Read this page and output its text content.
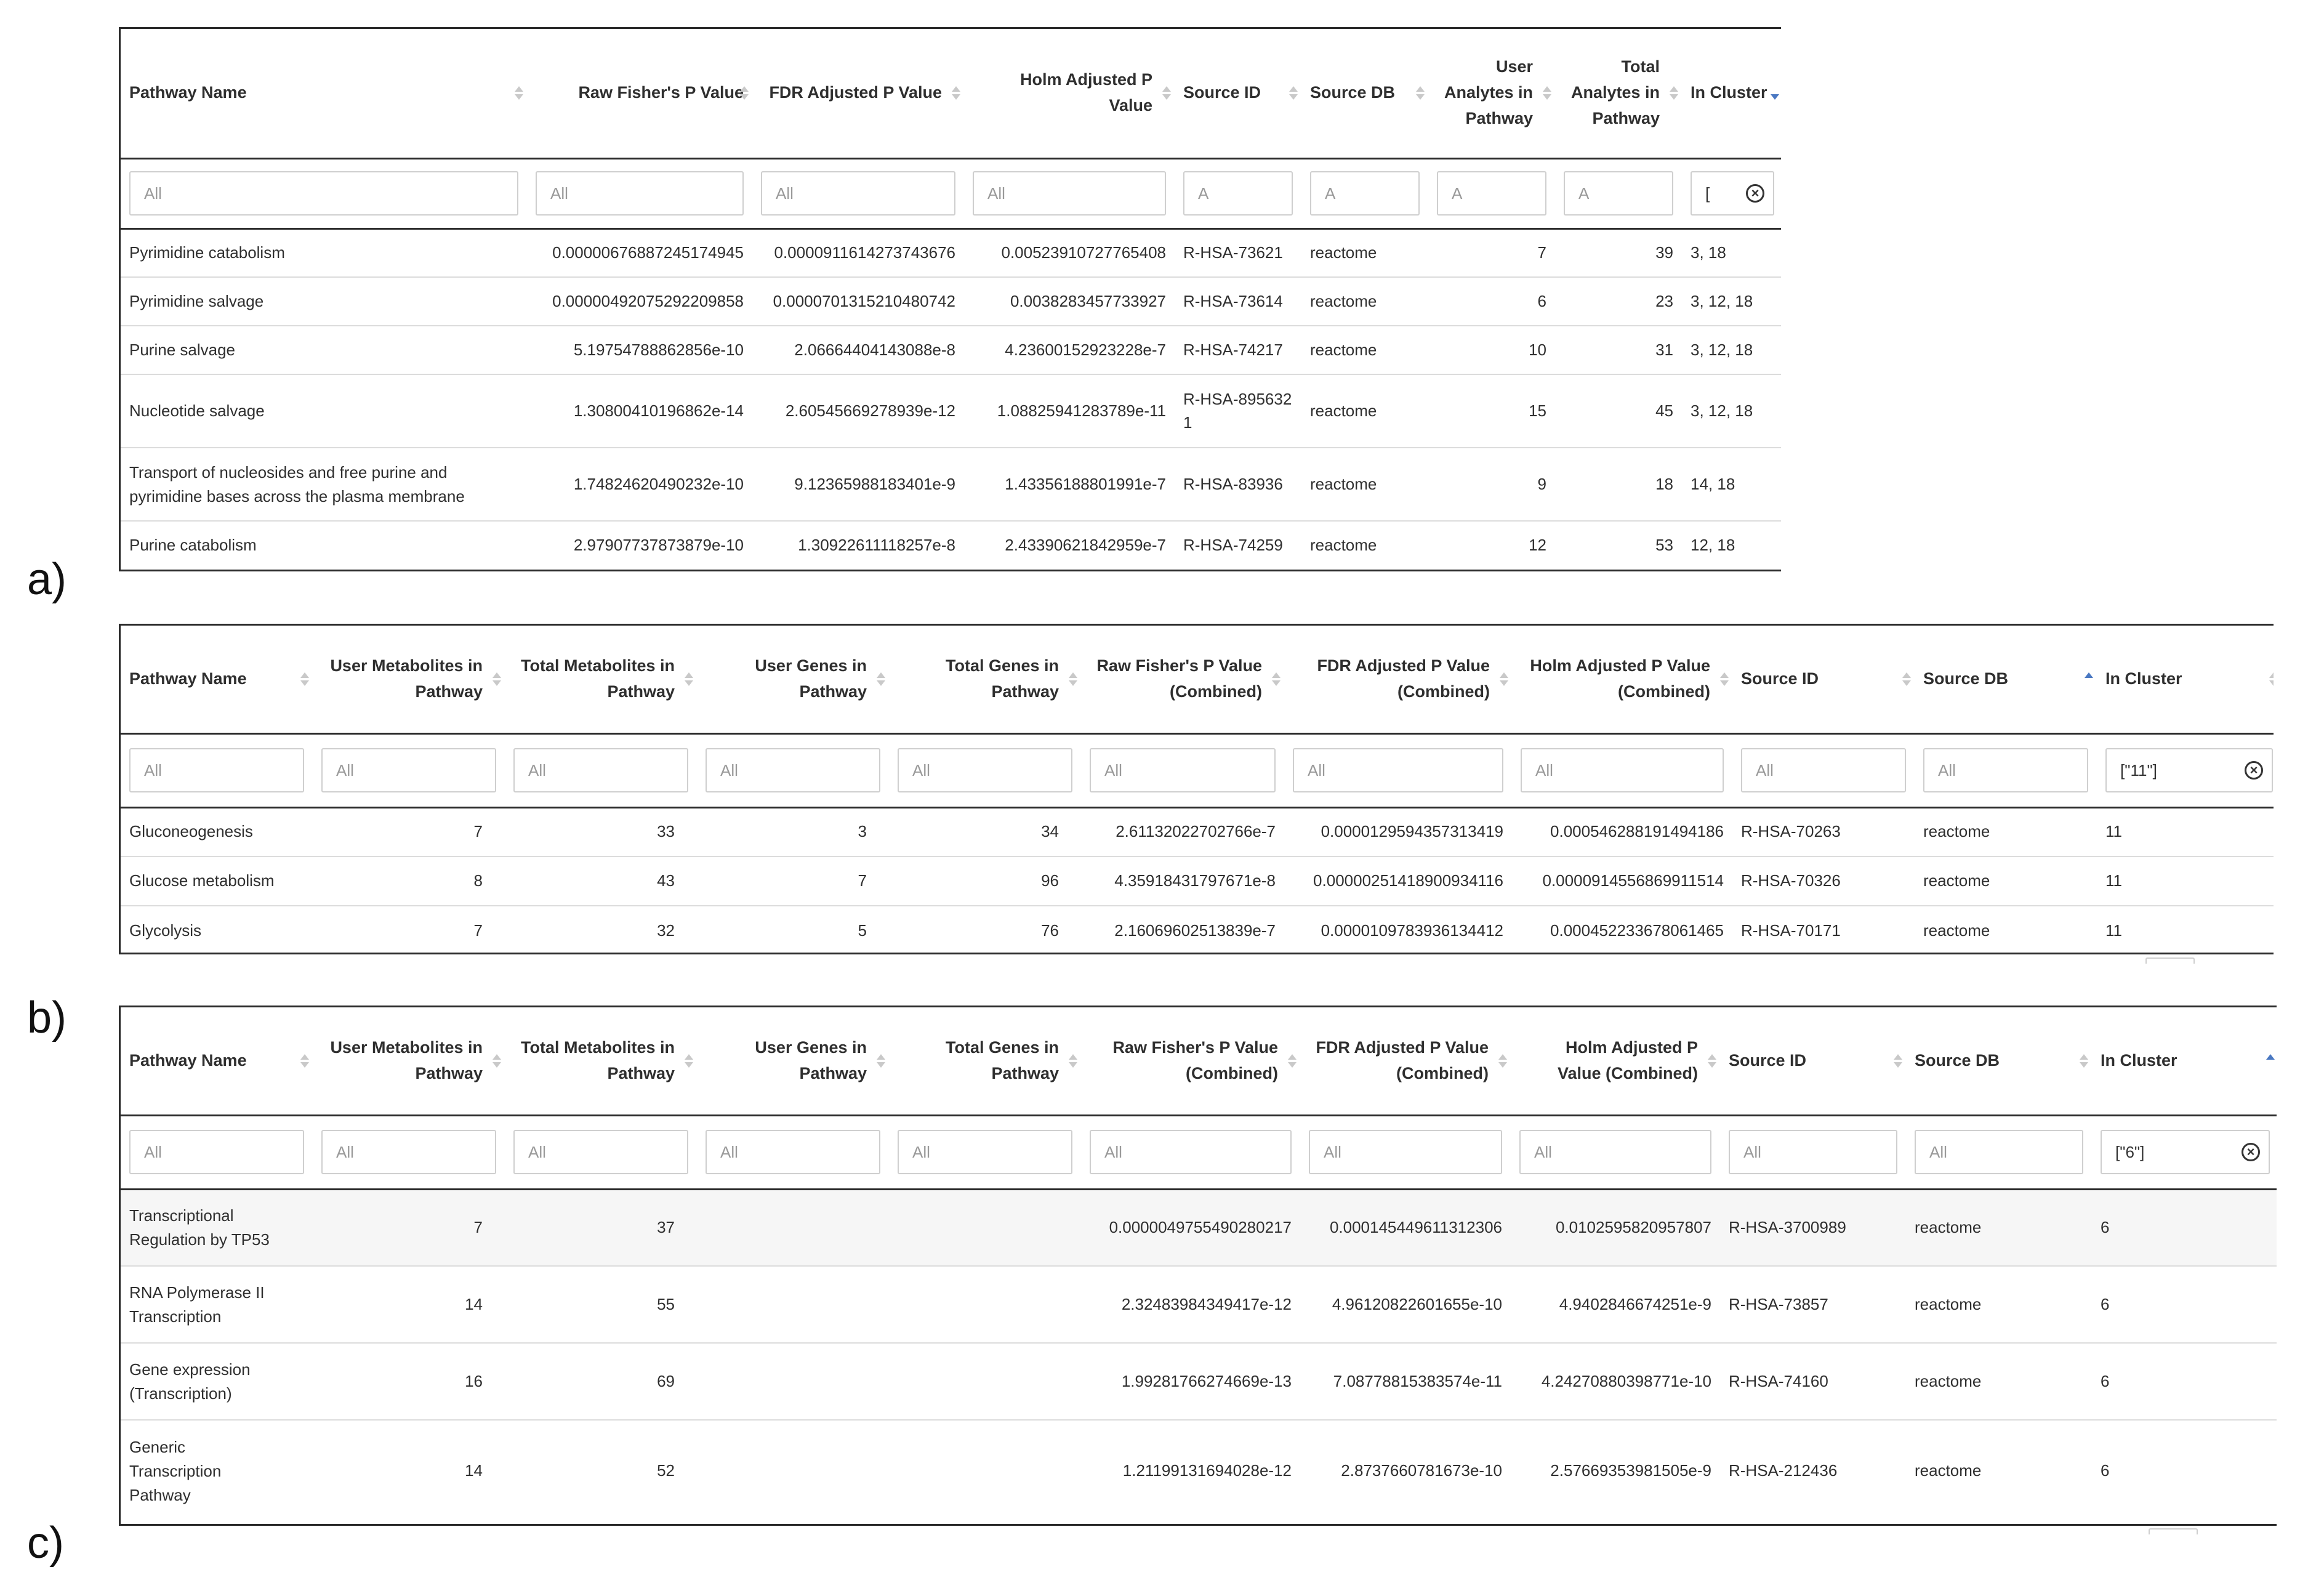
Pathway Name	Raw Fisher's P Value	FDR Adjusted P Value	Holm Adjusted P Value	Source ID	Source DB	User Analytes in Pathway	Total Analytes in Pathway	In Cluster

All

All

All

All

A

A

A

A

[
×

Pyrimidine catabolism	0.00000676887245174945	0.0000911614273743676	0.00523910727765408	R-HSA-73621	reactome	7	39	3, 18
Pyrimidine salvage	0.0000049207529220985‌8	0.0000701315210480742	0.0038283457733927	R-HSA-73614	reactome	6	23	3, 12, 18
Purine salvage	5.19754788862856e-10	2.06664404143088e-8	4.23600152923228e-7	R-HSA-74217	reactome	10	31	3, 12, 18
Nucleotide salvage	1.30800410196862e-14	2.60545669278939e-12	1.08825941283789e-11	R-HSA-8956321	reactome	15	45	3, 12, 18
Transport of nucleosides and free purine and pyrimidine bases across the plasma membrane	1.74824620490232e-10	9.12365988183401e-9	1.43356188801991e-7	R-HSA-83936	reactome	9	18	14, 18
Purine catabolism	2.97907737873879e-10	1.30922611118257e-8	2.43390621842959e-7	R-HSA-74259	reactome	12	53	12, 18
a)
Pathway Name	User Metabolites in Pathway	Total Metabolites in Pathway	User Genes in Pathway	Total Genes in Pathway	Raw Fisher's P Value (Combined)	FDR Adjusted P Value (Combined)	Holm Adjusted P Value (Combined)	Source ID	Source DB	In Cluster

All

All

All

All

All

All

All

All

All

All

["11"]
×

Gluconeogenesis	7	33	3	34	2.61132022702766e-7	0.0000129594357313419	0.000546288191494186	R-HSA-70263	reactome	11
Glucose metabolism	8	43	7	96	4.35918431797671e-8	0.00000251418900934116	0.0000914556869911514	R-HSA-70326	reactome	11
Glycolysis	7	32	5	76	2.16069602513839e-7	0.0000109783936134412	0.000452233678061465	R-HSA-70171	reactome	11
b)
Pathway Name	User Metabolites in Pathway	Total Metabolites in Pathway	User Genes in Pathway	Total Genes in Pathway	Raw Fisher's P Value (Combined)	FDR Adjusted P Value (Combined)	Holm Adjusted P Value (Combined)	Source ID	Source DB	In Cluster

All

All

All

All

All

All

All

All

All

All

["6"]
×

Transcriptional Regulation by TP53	7	37			0.0000049755490280217	0.000145449611312306	0.0102595820957807	R-HSA-3700989	reactome	6
RNA Polymerase II Transcription	14	55			2.32483984349417e-12	4.96120822601655e-10	4.9402846674251e-9	R-HSA-73857	reactome	6
Gene expression (Transcription)	16	69			1.99281766274669e-13	7.08778815383574e-11	4.24270880398771e-10	R-HSA-74160	reactome	6
Generic Transcription Pathway	14	52			1.21199131694028e-12	2.8737660781673e-10	2.57669353981505e-9	R-HSA-212436	reactome	6
c)
